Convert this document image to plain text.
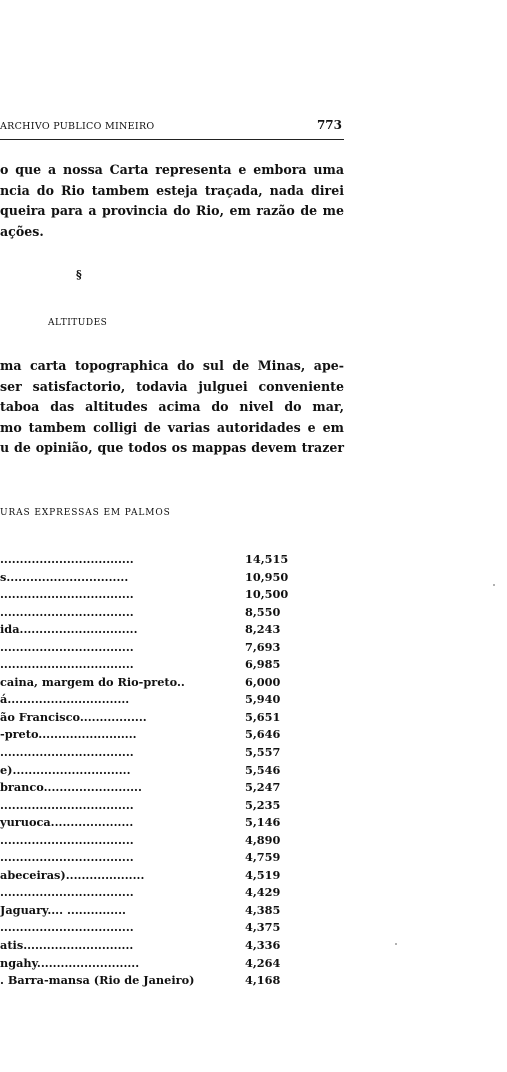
ARCHIVO PUBLICO MINEIRO	773
o que a nossa Carta representa e embora uma
ncia do Rio tambem esteja traçada, nada direi
queira para a provincia do Rio, em razão de me
ações.
§
ALTITUDES
ma carta topographica do sul de Minas, ape-
ser satisfactorio, todavia julguei conveniente
taboa das altitudes acima do nivel do mar,
mo tambem colligi de varias autoridades e em
u de opinião, que todos os mappas devem trazer
URAS EXPRESSAS EM PALMOS
..................................	14,515
s...............................	10,950
..................................	10,500
..................................	8,550
ida..............................	8,243
..................................	7,693
..................................	6,985
caina, margem do Rio-preto..	6,000
á...............................	5,940
ão Francisco.................	5,651
-preto.........................	5,646
..................................	5,557
e)..............................	5,546
branco.........................	5,247
..................................	5,235
yuruoca.....................	5,146
..................................	4,890
..................................	4,759
abeceiras)....................	4,519
..................................	4,429
Jaguary.... ...............	4,385
..................................	4,375
atis............................	4,336
ngahy..........................	4,264
. Barra-mansa (Rio de Janeiro)	4,168
